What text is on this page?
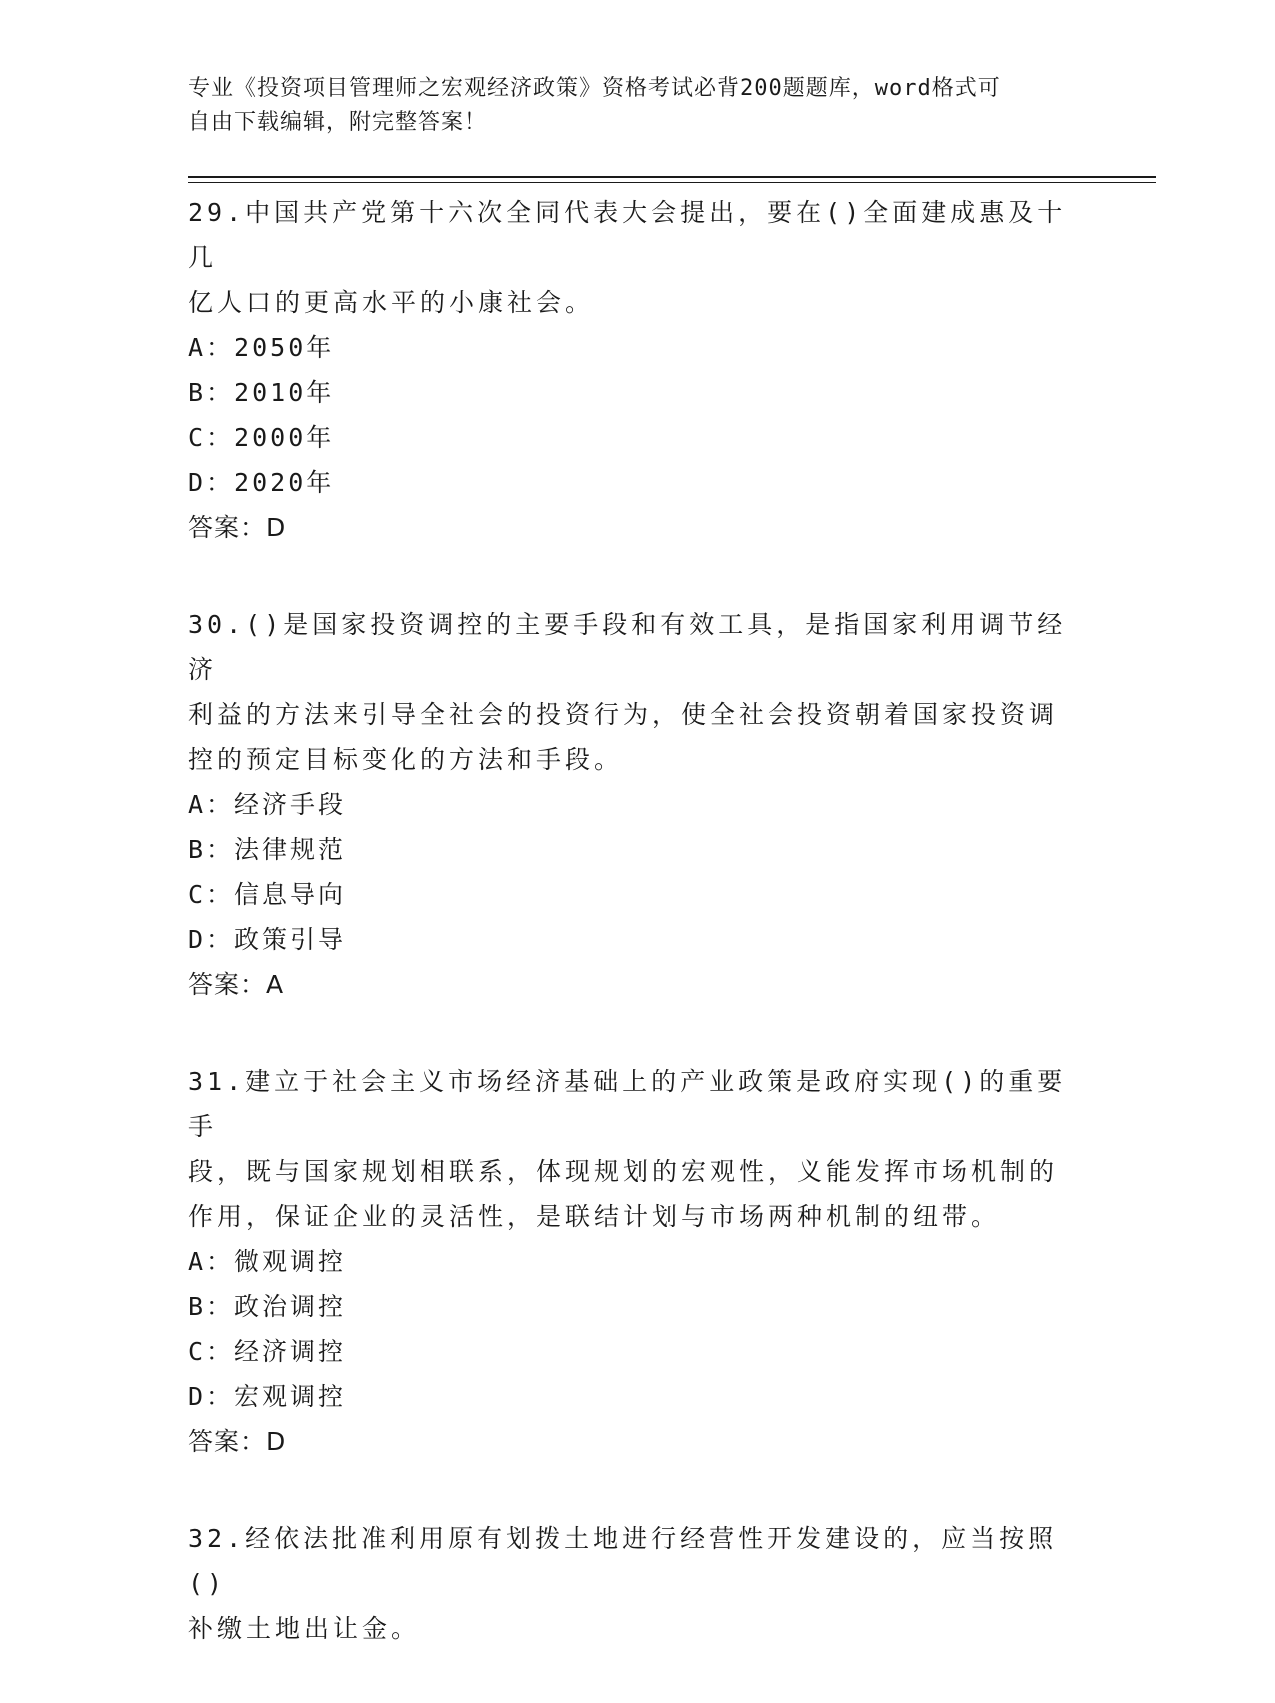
专业《投资项目管理师之宏观经济政策》资格考试必背200题题库，word格式可
自由下载编辑，附完整答案！
29.中国共产党第十六次全同代表大会提出，要在()全面建成惠及十几
亿人口的更高水平的小康社会。
A：2050年
B：2010年
C：2000年
D：2020年
答案：D
30.()是国家投资调控的主要手段和有效工具，是指国家利用调节经济
利益的方法来引导全社会的投资行为，使全社会投资朝着国家投资调
控的预定目标变化的方法和手段。
A：经济手段
B：法律规范
C：信息导向
D：政策引导
答案：A
31.建立于社会主义市场经济基础上的产业政策是政府实现()的重要手
段，既与国家规划相联系，体现规划的宏观性，义能发挥市场机制的
作用，保证企业的灵活性，是联结计划与市场两种机制的纽带。
A：微观调控
B：政治调控
C：经济调控
D：宏观调控
答案：D
32.经依法批准利用原有划拨土地进行经营性开发建设的，应当按照()
补缴土地出让金。
